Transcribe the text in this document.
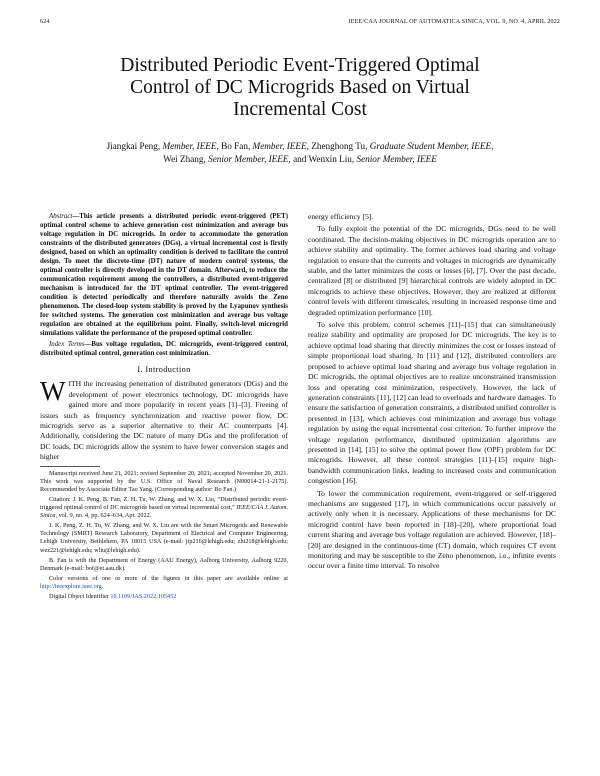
624	IEEE/CAA JOURNAL OF AUTOMATICA SINICA, VOL. 9, NO. 4, APRIL 2022
Distributed Periodic Event-Triggered Optimal
Control of DC Microgrids Based on Virtual
Incremental Cost
Jiangkai Peng, Member, IEEE, Bo Fan, Member, IEEE, Zhenghong Tu, Graduate Student Member, IEEE,
Wei Zhang, Senior Member, IEEE, and Wenxin Liu, Senior Member, IEEE

Abstract—This article presents a distributed periodic event-triggered (PET) optimal control scheme to achieve generation cost minimization and average bus voltage regulation in DC microgrids. In order to accommodate the generation constraints of the distributed generators (DGs), a virtual incremental cost is firstly designed, based on which an optimality condition is derived to facilitate the control design. To meet the discrete-time (DT) nature of modern control systems, the optimal controller is directly developed in the DT domain. Afterward, to reduce the communication requirement among the controllers, a distributed event-triggered mechanism is introduced for the DT optimal controller. The event-triggered condition is detected periodically and therefore naturally avoids the Zeno phenomenon. The closed-loop system stability is proved by the Lyapunov synthesis for switched systems. The generation cost minimization and average bus voltage regulation are obtained at the equilibrium point. Finally, switch-level microgrid simulations validate the performance of the proposed optimal controller.

Index Terms—Bus voltage regulation, DC microgrids, event-triggered control, distributed optimal control, generation cost minimization.

I. Introduction

WITH the increasing penetration of distributed generators (DGs) and the development of power electronics technology, DC microgrids have gained more and more popularity in recent years [1]–[3]. Freeing of issues such as frequency synchronization and reactive power flow, DC microgrids serve as a superior alternative to their AC counterparts [4]. Additionally, considering the DC nature of many DGs and the proliferation of DC loads, DC microgrids allow the system to have fewer conversion stages and higher

Manuscript received June 21, 2021; revised September 20, 2021; accepted November 20, 2021. This work was supported by the U.S. Office of Naval Research (N00014-21-1-2175). Recommended by Associate Editor Tao Yang. (Corresponding author: Bo Fan.)

Citation: J. K. Peng, B. Fan, Z. H. Tu, W. Zhang, and W. X. Liu, “Distributed periodic event-triggered optimal control of DC microgrids based on virtual incremental cost,” IEEE/CAA J. Autom. Sinica, vol. 9, no. 4, pp. 624–634, Apr. 2022.

J. K. Peng, Z. H. Tu, W. Zhang, and W. X. Liu are with the Smart Microgrids and Renewable Technology (SMRT) Research Laboratory, Department of Electrical and Computer Engineering, Lehigh University, Bethlehem, PA 18015 USA (e-mail: jip216@lehigh.edu; zht218@lehigh.edu; wez221@lehigh.edu; wliu@lehigh.edu).

B. Fan is with the Department of Energy (AAU Energy), Aalborg University, Aalborg 9220, Denmark (e-mail: bof@et.aau.dk).

Color versions of one or more of the figures in this paper are available online at http://ieeexplore.ieee.org.

Digital Object Identifier 10.1109/JAS.2022.105452

energy efficiency [5].

To fully exploit the potential of the DC microgrids, DGs need to be well coordinated. The decision-making objectives in DC microgrids operation are to achieve stability and optimality. The former achieves load sharing and voltage regulation to ensure that the currents and voltages in microgrids are dynamically stable, and the latter minimizes the costs or losses [6], [7]. Over the past decade, centralized [8] or distributed [9] hierarchical controls are widely adopted in DC microgrids to achieve these objectives. However, they are realized at different control levels with different timescales, resulting in increased response time and degraded optimization performance [10].

To solve this problem, control schemes [11]–[15] that can simultaneously realize stability and optimality are proposed for DC microgrids. The key is to achieve optimal load sharing that directly minimizes the cost or losses instead of simple proportional load sharing. In [11] and [12], distributed controllers are proposed to achieve optimal load sharing and average bus voltage regulation in DC microgrids, the optimal objectives are to realize unconstrained transmission loss and operating cost minimization, respectively. However, the lack of generation constraints [11], [12] can lead to overloads and hardware damages. To ensure the satisfaction of generation constraints, a distributed unified controller is presented in [13], which achieves cost minimization and average bus voltage regulation by using the equal incremental cost criterion. To further improve the voltage regulation performance, distributed optimization algorithms are presented in [14], [15] to solve the optimal power flow (OPF) problem for DC microgrids. However, all these control strategies [11]–[15] require high-bandwidth communication links, leading to increased costs and communication congestion [16].

To lower the communication requirement, event-triggered or self-triggered mechanisms are suggested [17], in which communications occur passively or actively only when it is necessary. Applications of these mechanisms for DC microgrid control have been reported in [18]–[20], where proportional load current sharing and average bus voltage regulation are achieved. However, [18]–[20] are designed in the continuous-time (CT) domain, which requires CT event monitoring and may be susceptible to the Zeno phenomenon, i.e., infinite events occur over a finite time interval. To resolve
